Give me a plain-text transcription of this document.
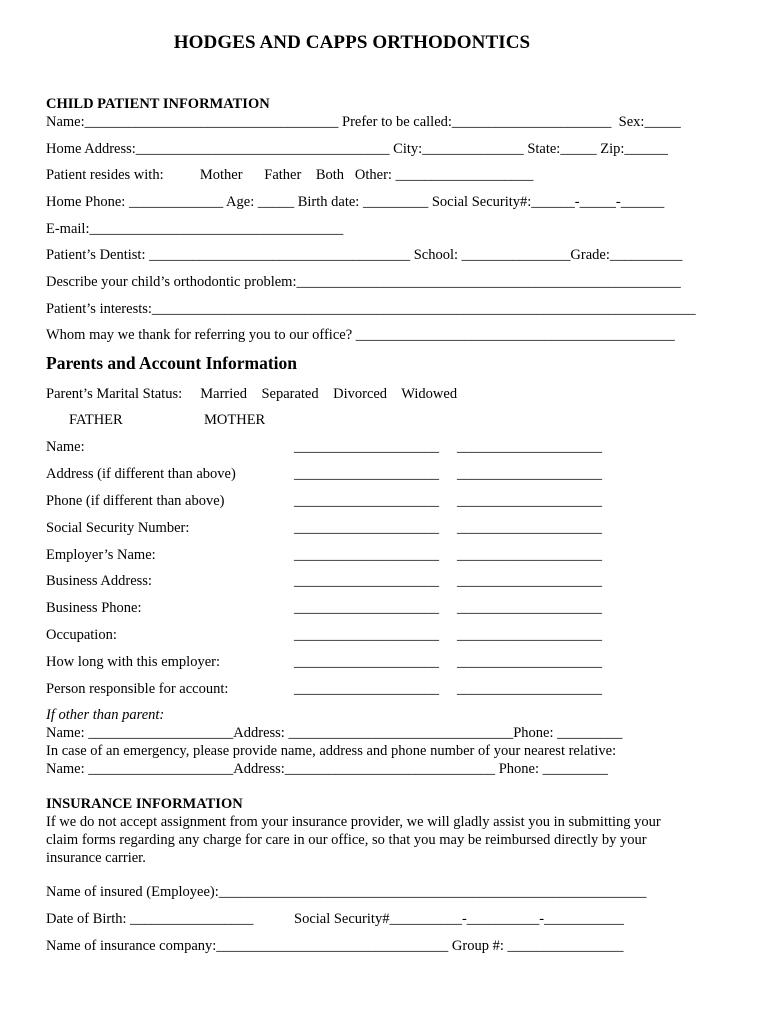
HODGES AND CAPPS ORTHODONTICS
CHILD PATIENT INFORMATION
Name:___________________________________ Prefer to be called:______________________  Sex:_____
Home Address:___________________________________ City:______________ State:_____ Zip:______
Patient resides with:          Mother      Father    Both   Other: ___________________
Home Phone: _____________ Age: _____ Birth date: _________ Social Security#:______-_____-______
E-mail:___________________________________
Patient’s Dentist: ____________________________________ School: _______________Grade:__________
Describe your child’s orthodontic problem:_____________________________________________________
Patient’s interests:___________________________________________________________________________
Whom may we thank for referring you to our office? ____________________________________________
Parents and Account Information
Parent’s Marital Status:     Married    Separated    Divorced    Widowed
FATHER	MOTHER
Name:	____________________ ____________________
Address (if different than above)	____________________ ____________________
Phone (if different than above)	____________________ ____________________
Social Security Number:	____________________ ____________________
Employer’s Name:	____________________ ____________________
Business Address:	____________________ ____________________
Business Phone:	____________________ ____________________
Occupation:	____________________ ____________________
How long with this employer:	____________________ ____________________
Person responsible for account:	____________________ ____________________
If other than parent:
Name: ____________________Address: _______________________________Phone: _________
In case of an emergency, please provide name, address and phone number of your nearest relative:
Name: ____________________Address:_____________________________ Phone: _________
INSURANCE INFORMATION
If we do not accept assignment from your insurance provider, we will gladly assist you in submitting your
claim forms regarding any charge for care in our office, so that you may be reimbursed directly by your
insurance carrier.
Name of insured (Employee):___________________________________________________________
Date of Birth: _________________	Social Security#__________-__________-___________
Name of insurance company:________________________________ Group #: ________________
